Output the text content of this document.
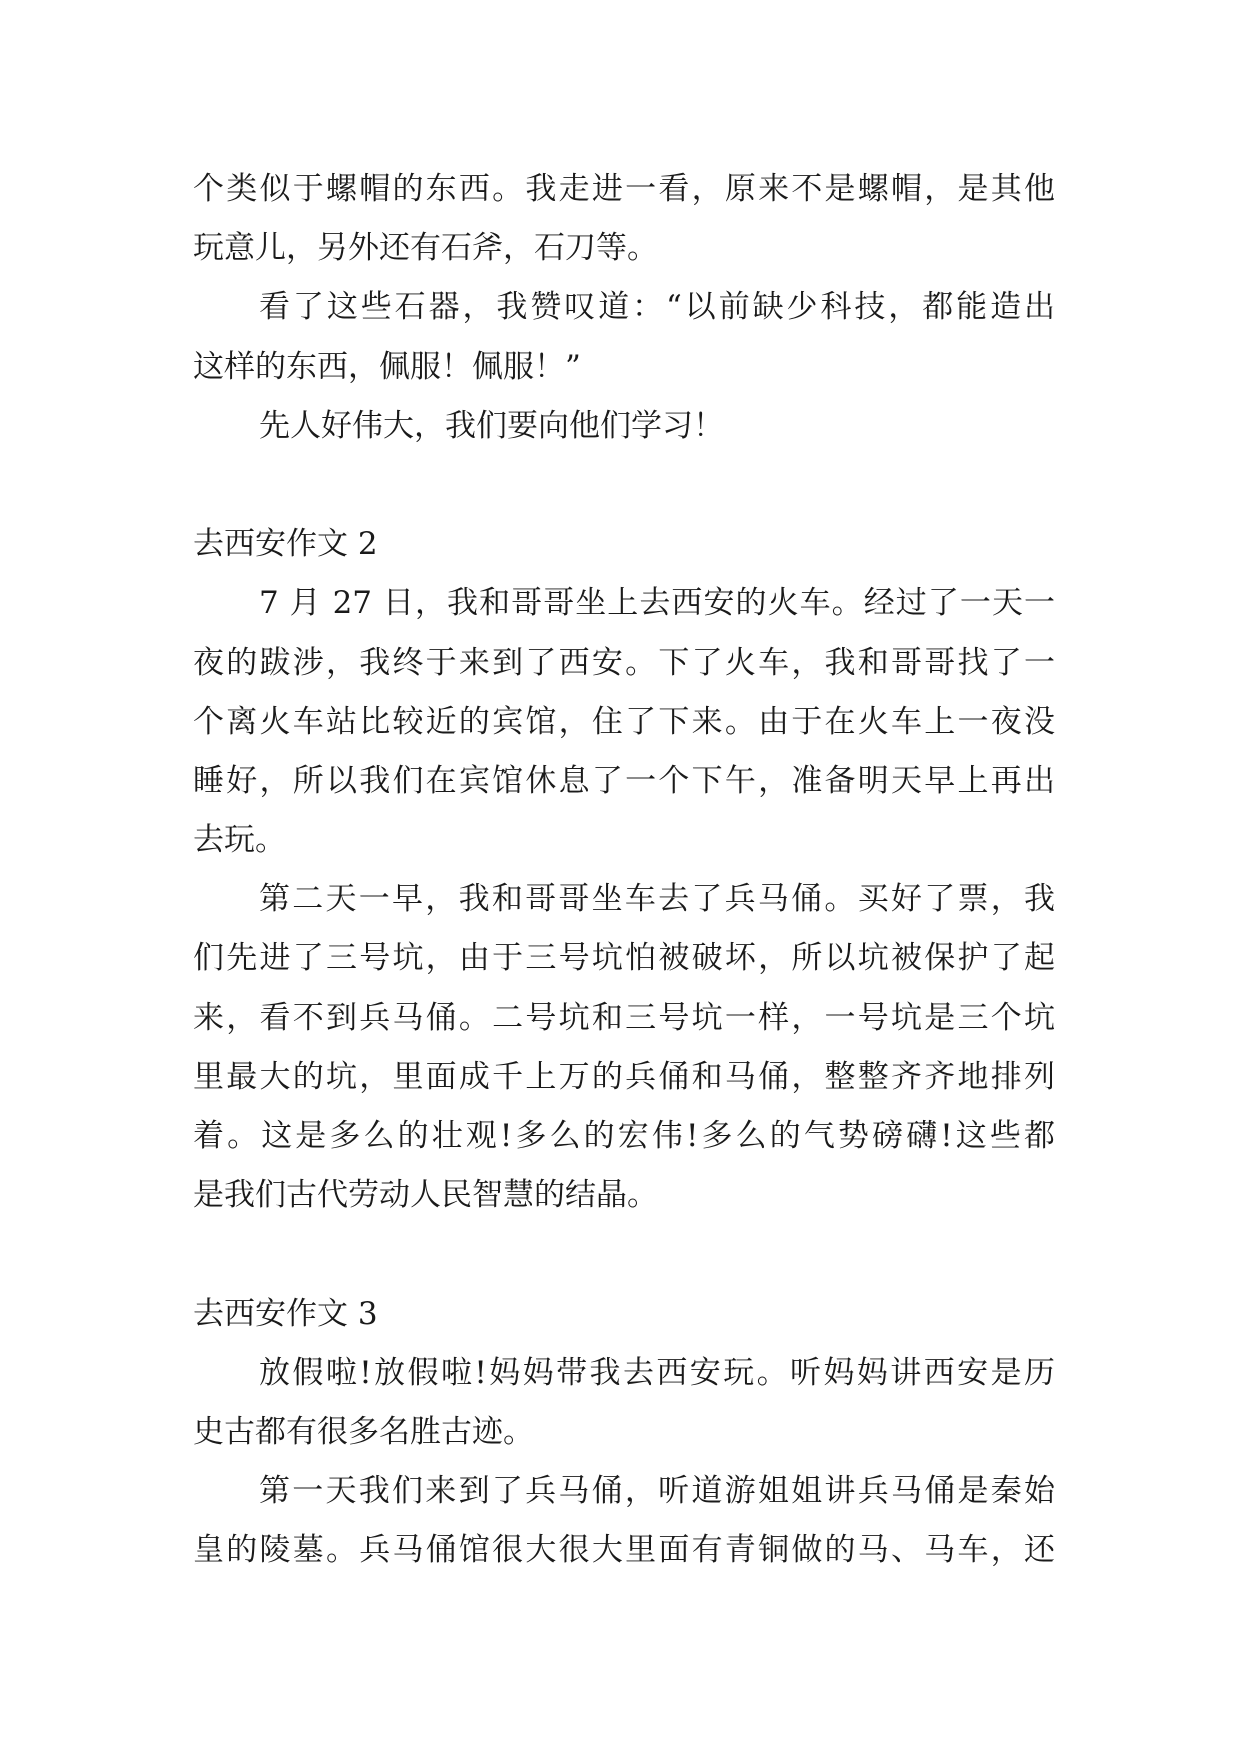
个类似于螺帽的东西。我走进一看，原来不是螺帽，是其他
玩意儿，另外还有石斧，石刀等。
看了这些石器，我赞叹道：“以前缺少科技，都能造出
这样的东西，佩服！佩服！”
先人好伟大，我们要向他们学习！
去西安作文 2
7 月 27 日，我和哥哥坐上去西安的火车。经过了一天一
夜的跋涉，我终于来到了西安。下了火车，我和哥哥找了一
个离火车站比较近的宾馆，住了下来。由于在火车上一夜没
睡好，所以我们在宾馆休息了一个下午，准备明天早上再出
去玩。
第二天一早，我和哥哥坐车去了兵马俑。买好了票，我
们先进了三号坑，由于三号坑怕被破坏，所以坑被保护了起
来，看不到兵马俑。二号坑和三号坑一样，一号坑是三个坑
里最大的坑，里面成千上万的兵俑和马俑，整整齐齐地排列
着。这是多么的壮观!多么的宏伟!多么的气势磅礴!这些都
是我们古代劳动人民智慧的结晶。
去西安作文 3
放假啦!放假啦!妈妈带我去西安玩。听妈妈讲西安是历
史古都有很多名胜古迹。
第一天我们来到了兵马俑，听道游姐姐讲兵马俑是秦始
皇的陵墓。兵马俑馆很大很大里面有青铜做的马、马车，还
